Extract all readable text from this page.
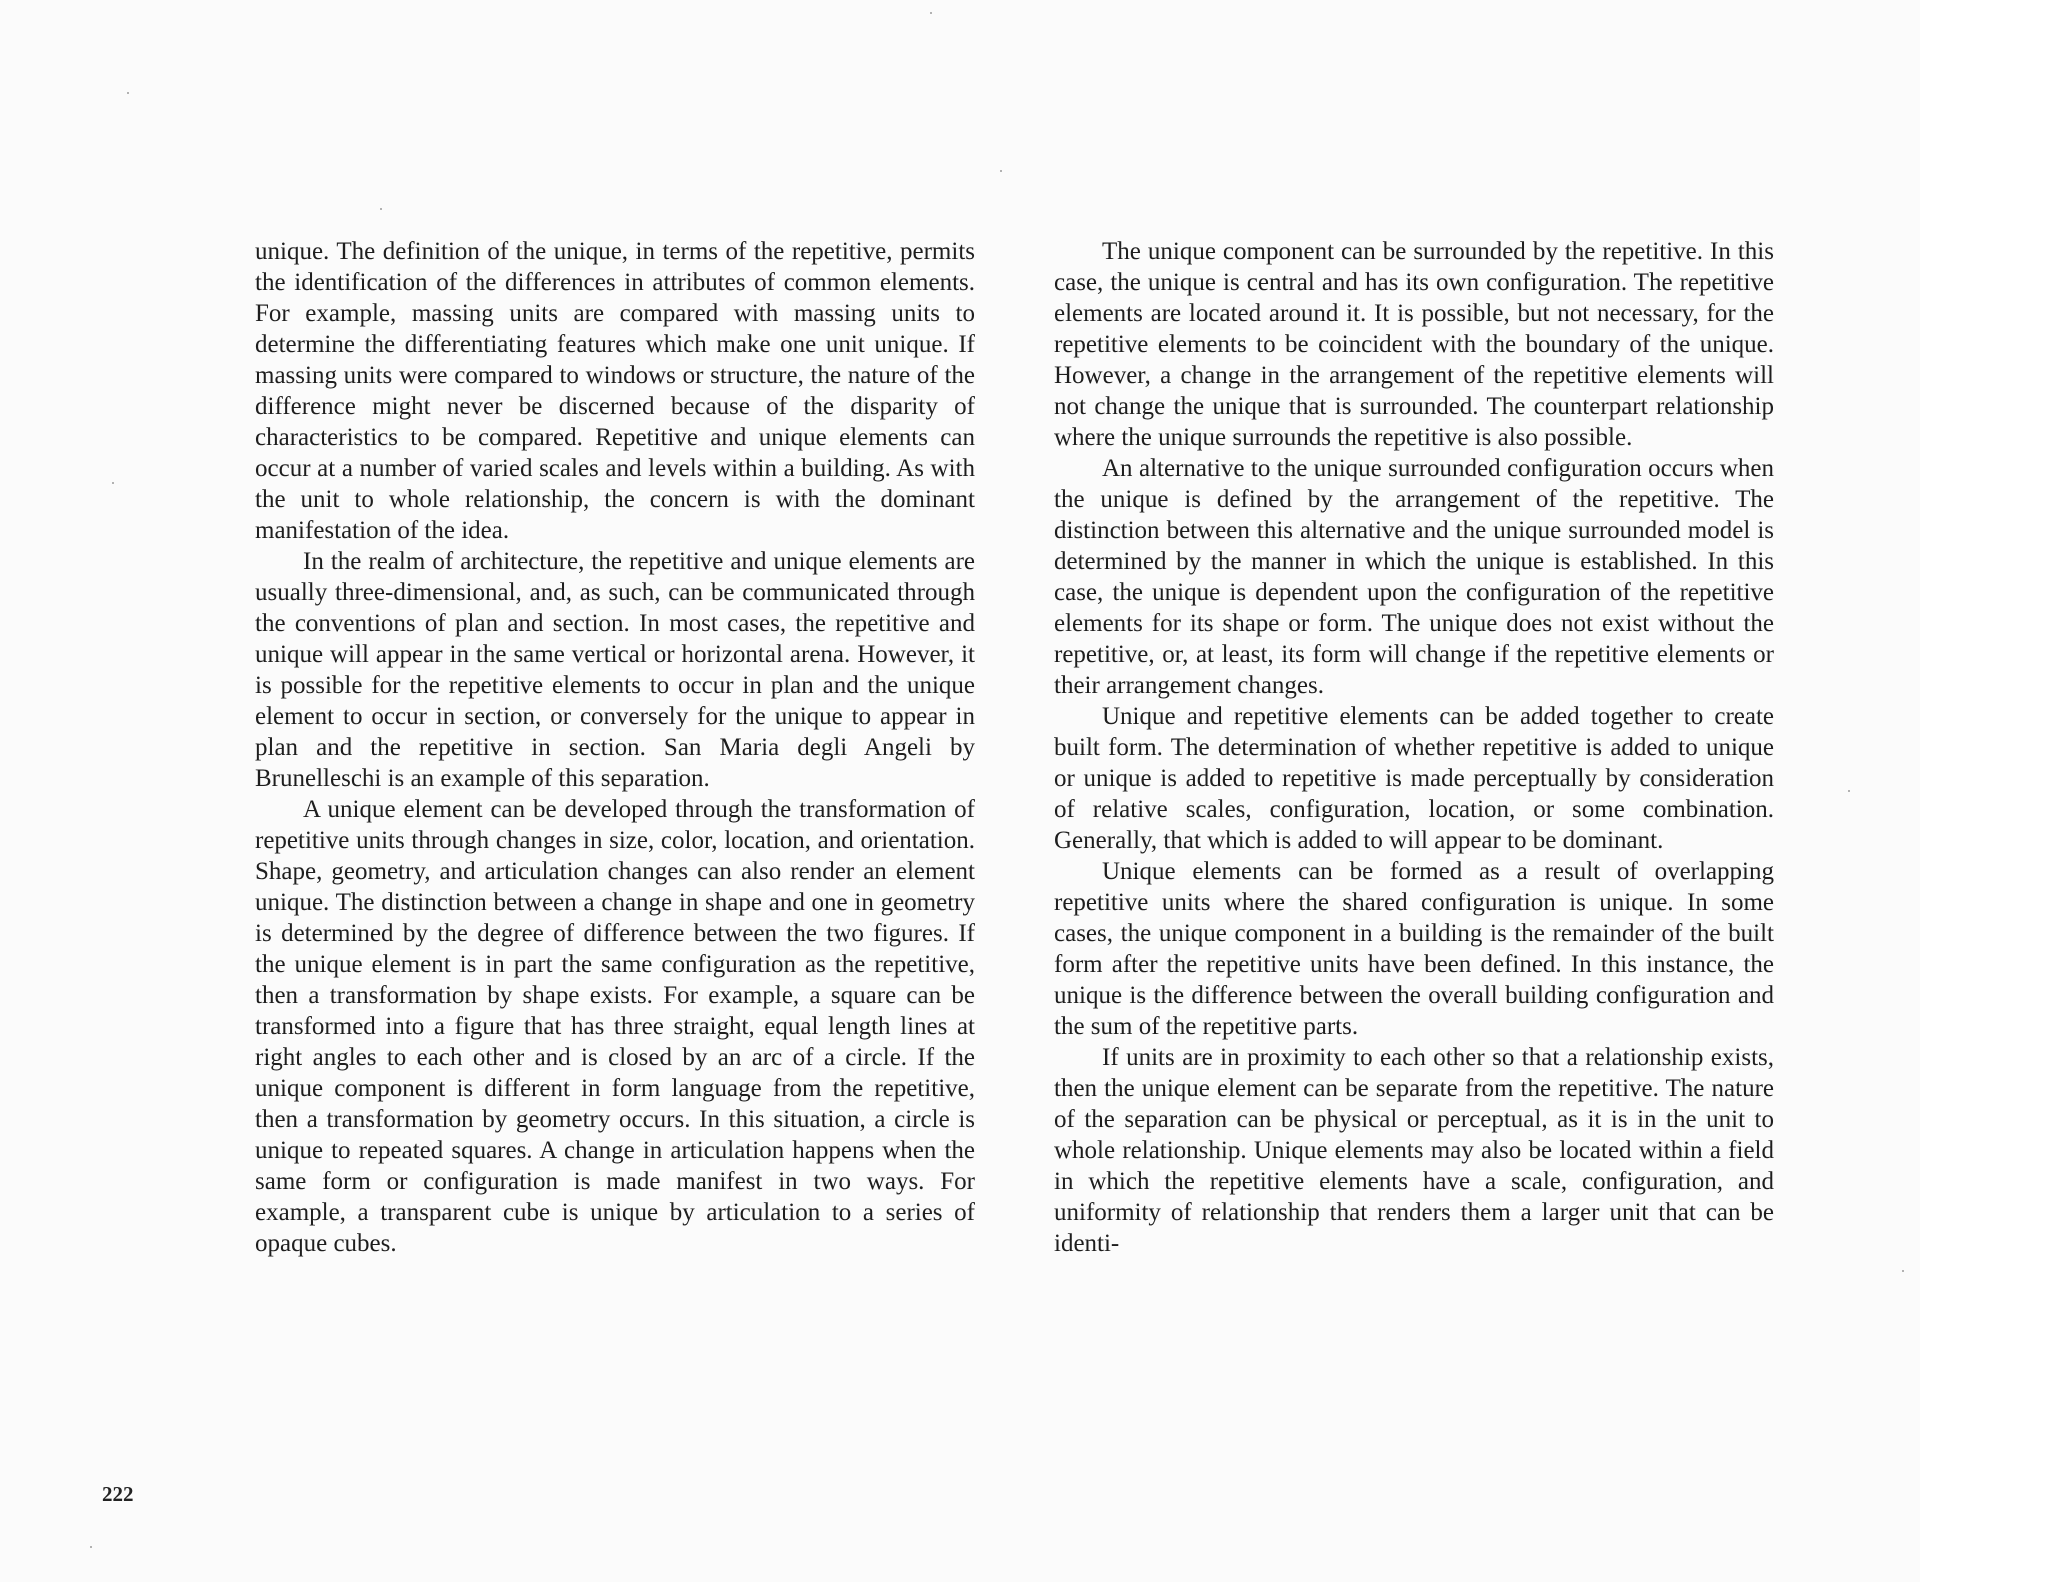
unique. The definition of the unique, in terms of the repetitive, permits the identification of the differences in attributes of common elements. For example, massing units are compared with massing units to determine the differentiating features which make one unit unique. If massing units were compared to windows or structure, the nature of the difference might never be discerned because of the disparity of characteristics to be compared. Repetitive and unique elements can occur at a number of varied scales and levels within a building. As with the unit to whole relationship, the concern is with the dominant manifestation of the idea.

In the realm of architecture, the repetitive and unique elements are usually three-dimensional, and, as such, can be communicated through the conventions of plan and section. In most cases, the repetitive and unique will appear in the same vertical or horizontal arena. However, it is possible for the repetitive elements to occur in plan and the unique element to occur in section, or conversely for the unique to appear in plan and the repetitive in section. San Maria degli Angeli by Brunelleschi is an example of this separation.

A unique element can be developed through the transformation of repetitive units through changes in size, color, location, and orientation. Shape, geometry, and articulation changes can also render an element unique. The distinction between a change in shape and one in geometry is determined by the degree of difference between the two figures. If the unique element is in part the same configuration as the repetitive, then a transformation by shape exists. For example, a square can be transformed into a figure that has three straight, equal length lines at right angles to each other and is closed by an arc of a circle. If the unique component is different in form language from the repetitive, then a transformation by geometry occurs. In this situation, a circle is unique to repeated squares. A change in articulation happens when the same form or configuration is made manifest in two ways. For example, a transparent cube is unique by articulation to a series of opaque cubes.

The unique component can be surrounded by the repetitive. In this case, the unique is central and has its own configuration. The repetitive elements are located around it. It is possible, but not necessary, for the repetitive elements to be coincident with the boundary of the unique. However, a change in the arrangement of the repetitive elements will not change the unique that is surrounded. The counterpart relationship where the unique surrounds the repetitive is also possible.

An alternative to the unique surrounded configuration occurs when the unique is defined by the arrangement of the repetitive. The distinction between this alternative and the unique surrounded model is determined by the manner in which the unique is established. In this case, the unique is dependent upon the configuration of the repetitive elements for its shape or form. The unique does not exist without the repetitive, or, at least, its form will change if the repetitive elements or their arrangement changes.

Unique and repetitive elements can be added together to create built form. The determination of whether repetitive is added to unique or unique is added to repetitive is made perceptually by consideration of relative scales, configuration, location, or some combination. Generally, that which is added to will appear to be dominant.

Unique elements can be formed as a result of overlapping repetitive units where the shared configuration is unique. In some cases, the unique component in a building is the remainder of the built form after the repetitive units have been defined. In this instance, the unique is the difference between the overall building configuration and the sum of the repetitive parts.

If units are in proximity to each other so that a relationship exists, then the unique element can be separate from the repetitive. The nature of the separation can be physical or perceptual, as it is in the unit to whole relationship. Unique elements may also be located within a field in which the repetitive elements have a scale, configuration, and uniformity of relationship that renders them a larger unit that can be identi-

222
